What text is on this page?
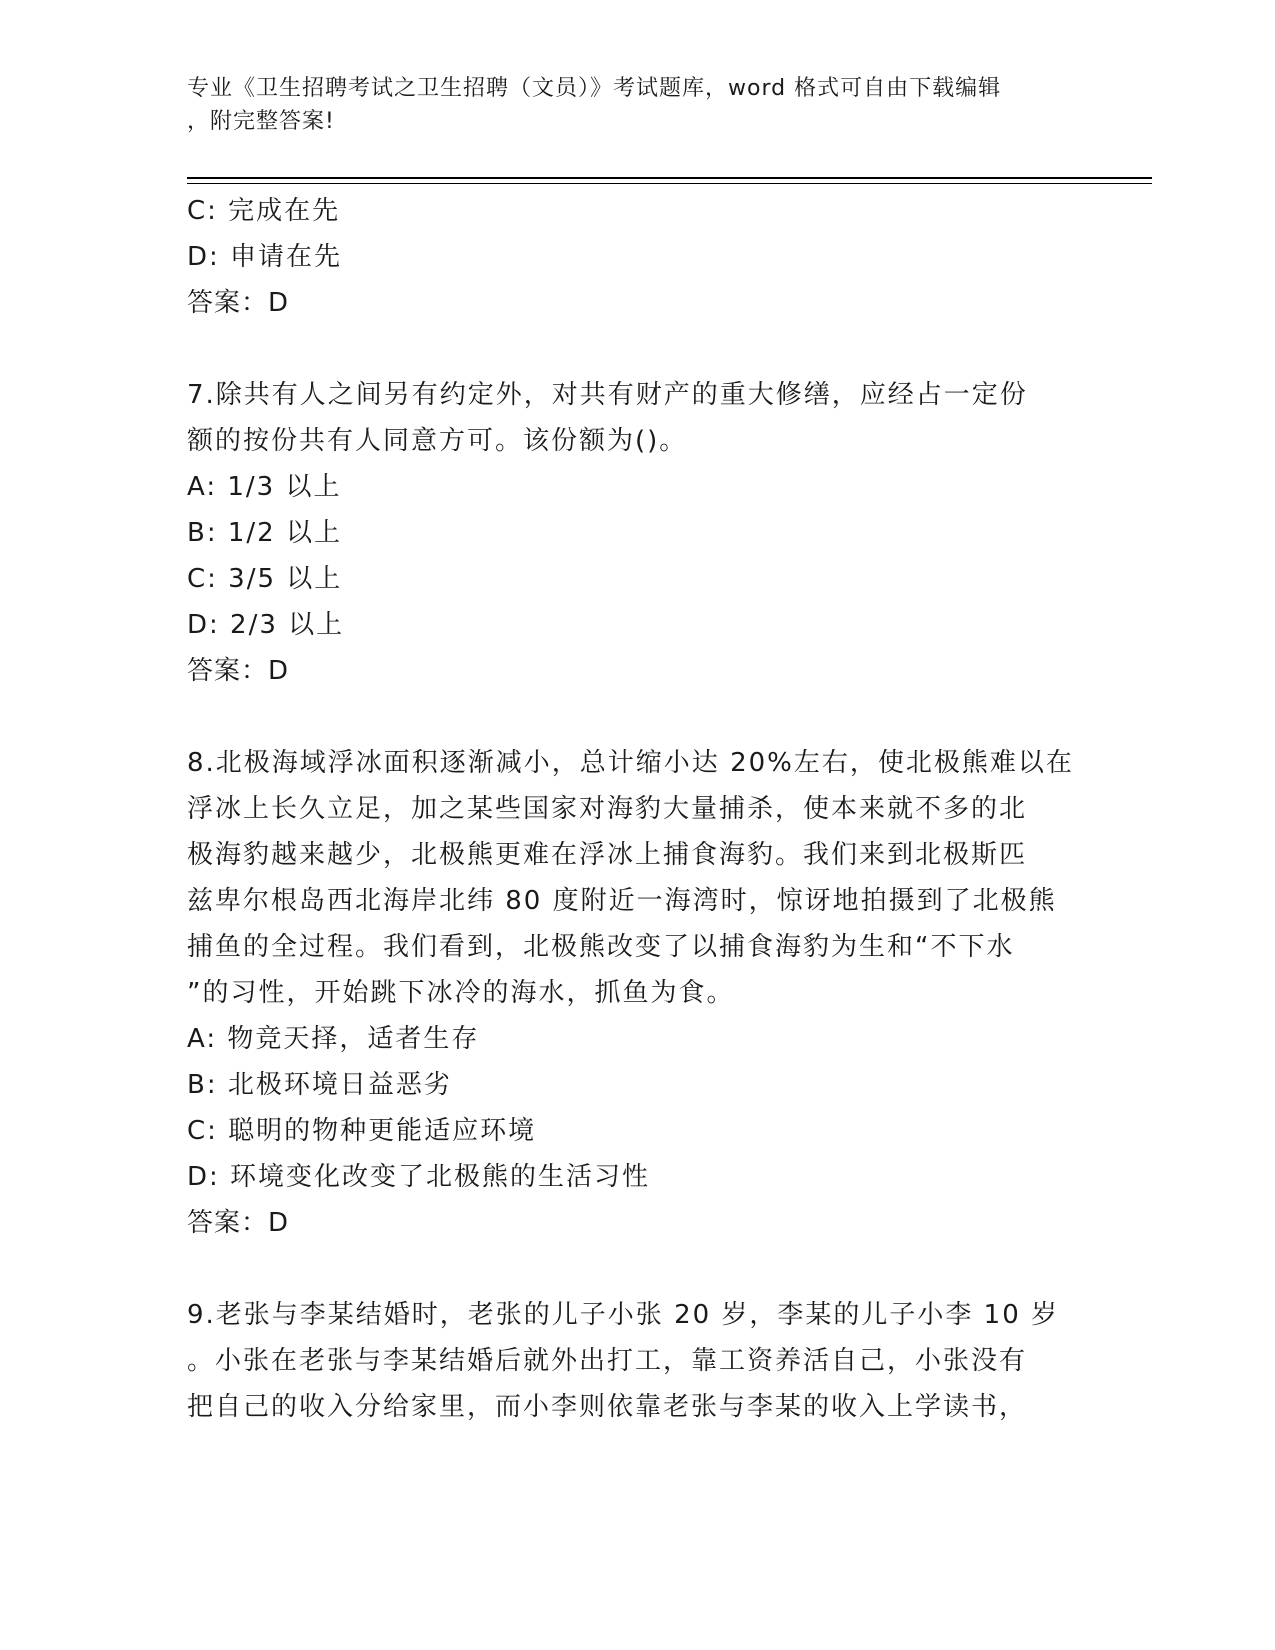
专业《卫生招聘考试之卫生招聘（文员）》考试题库，word 格式可自由下载编辑
，附完整答案!
C: 完成在先
D: 申请在先
答案：D
7.除共有人之间另有约定外，对共有财产的重大修缮，应经占一定份
额的按份共有人同意方可。该份额为()。
A: 1/3 以上
B: 1/2 以上
C: 3/5 以上
D: 2/3 以上
答案：D
8.北极海域浮冰面积逐渐减小，总计缩小达 20%左右，使北极熊难以在
浮冰上长久立足，加之某些国家对海豹大量捕杀，使本来就不多的北
极海豹越来越少，北极熊更难在浮冰上捕食海豹。我们来到北极斯匹
兹卑尔根岛西北海岸北纬 80 度附近一海湾时，惊讶地拍摄到了北极熊
捕鱼的全过程。我们看到，北极熊改变了以捕食海豹为生和“不下水
”的习性，开始跳下冰冷的海水，抓鱼为食。
A: 物竞天择，适者生存
B: 北极环境日益恶劣
C: 聪明的物种更能适应环境
D: 环境变化改变了北极熊的生活习性
答案：D
9.老张与李某结婚时，老张的儿子小张 20 岁，李某的儿子小李 10 岁
。小张在老张与李某结婚后就外出打工，靠工资养活自己，小张没有
把自己的收入分给家里，而小李则依靠老张与李某的收入上学读书，
